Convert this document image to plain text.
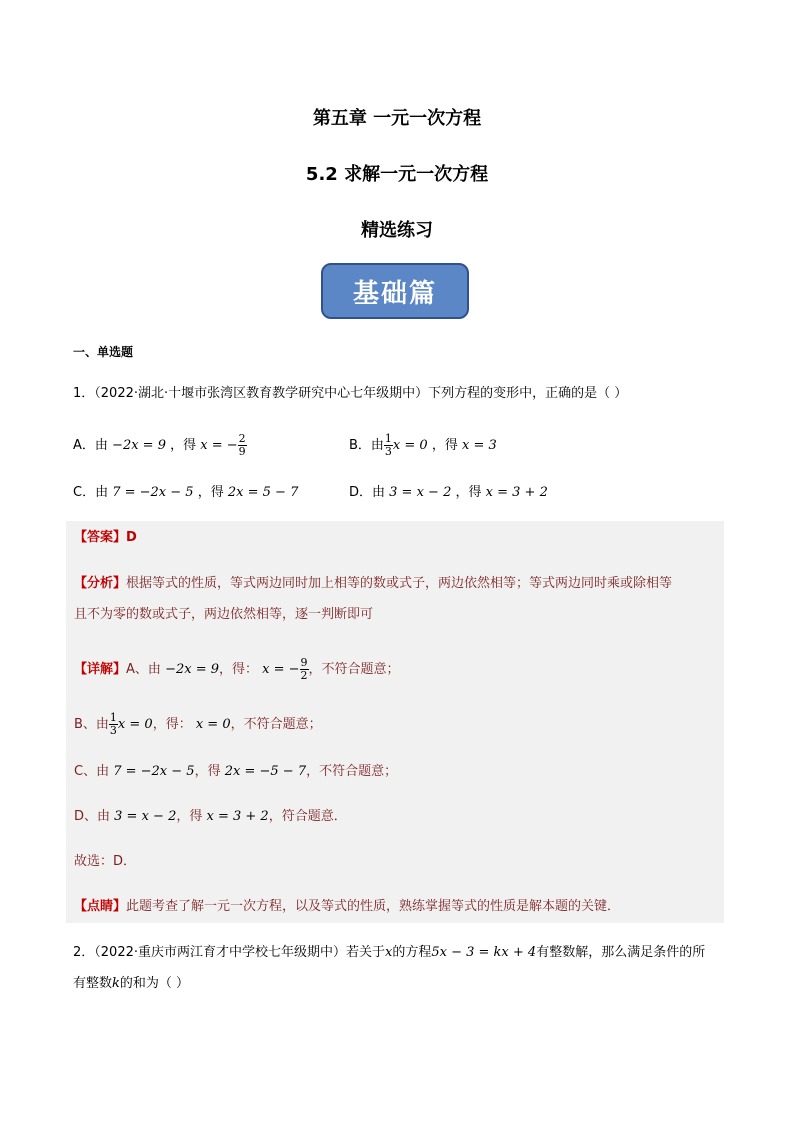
第五章 一元一次方程
5.2 求解一元一次方程
精选练习
基础篇
一、单选题
1．（2022·湖北·十堰市张湾区教育教学研究中心七年级期中）下列方程的变形中，正确的是（ ）
A．由 −2x = 9 ，得 x = − $\frac{2}{9}$	B．由 $\frac{1}{3}$ x = 0 ，得 x = 3
C．由 7 = −2x − 5 ，得 2x = 5 − 7	D．由 3 = x − 2 ，得 x = 3 + 2
【答案】D
【分析】根据等式的性质，等式两边同时加上相等的数或式子，两边依然相等；等式两边同时乘或除相等
且不为零的数或式子，两边依然相等，逐一判断即可
【详解】A、由 −2x = 9，得： x = − $\frac{9}{2}$ ，不符合题意；
B、由 $\frac{1}{3}$ x = 0，得： x = 0，不符合题意；
C、由 7 = −2x − 5，得 2x = −5 − 7，不符合题意；
D、由 3 = x − 2，得 x = 3 + 2，符合题意．
故选：D．
【点睛】此题考查了解一元一次方程，以及等式的性质，熟练掌握等式的性质是解本题的关键．
2．（2022·重庆市两江育才中学校七年级期中）若关于x的方程5x − 3 = kx + 4有整数解，那么满足条件的所
有整数k的和为（ ）
